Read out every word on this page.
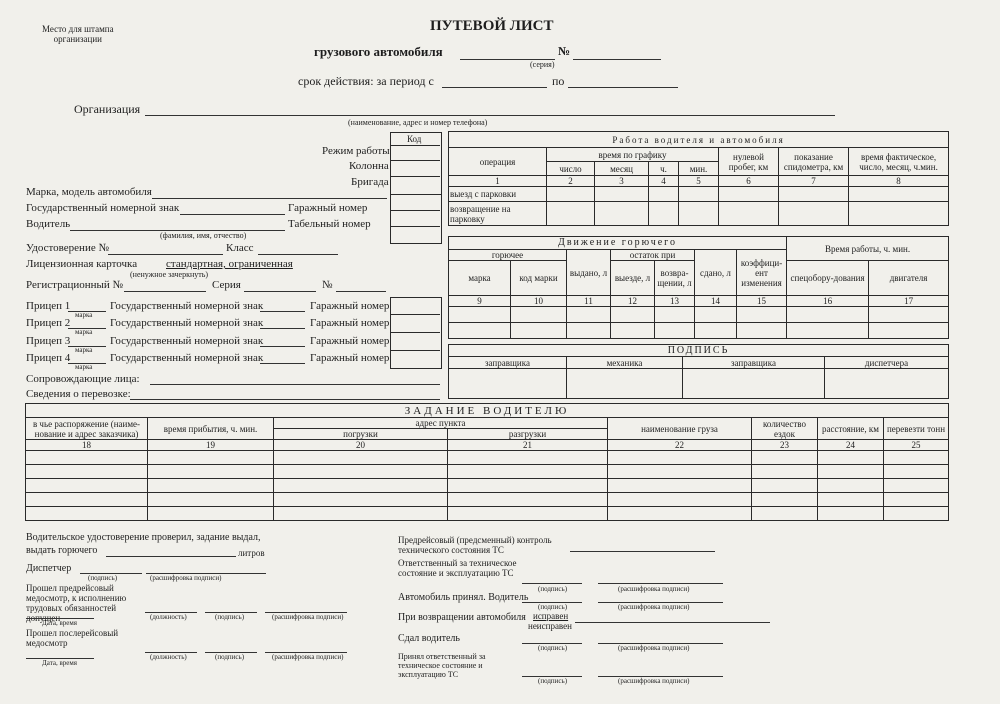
Место для штампа
организации
ПУТЕВОЙ ЛИСТ
грузового автомобиля	№
(серия)
срок действия: за период с	по
Организация
(наименование, адрес и номер телефона)
Код
Режим работы
Колонна
Бригада
Марка, модель автомобиля
Государственный номерной знак	Гаражный номер
Водитель	Табельный номер
(фамилия, имя, отчество)
Удостоверение №	Класс
Лицензионная карточка	стандартная, ограниченная
(ненужное зачеркнуть)
Регистрационный №	Серия	№
Прицеп 1
марка
Государственный номерной знак	Гаражный номер
Прицеп 2
марка
Государственный номерной знак	Гаражный номер
Прицеп 3
марка
Государственный номерной знак	Гаражный номер
Прицеп 4
марка
Государственный номерной знак	Гаражный номер
Сопровождающие лица:
Сведения о перевозке:
Работа водителя и автомобиля							
операция	время по графику				нулевой пробег, км	показание спидометра, км	время фактическое, число, месяц, ч.мин.
	число	месяц	ч.	мин.			
1	2	3	4	5	6	7	8
выезд с парковки							
возвращение на парковку							
Движение горючего							Время работы, ч. мин.	
горючее		выдано, л	остаток при		сдано, л	коэффици-ент изменения		
марка	код марки		выезде, л	возвра-щении, л			спецобору-дования	двигателя

9	10	11	12	13	14	15	16	17

ПОДПИСЬ			
заправщика	механика	заправщика	диспетчера

ЗАДАНИЕ ВОДИТЕЛЮ							
в чье распоряжение (наиме-нование и адрес заказчика)	время прибытия, ч. мин.	адрес пункта		наименование груза	количество ездок	расстояние, км	перевезти тонн
		погрузки	разгрузки				
18	19	20	21	22	23	24	25

Водительское удостоверение проверил, задание выдал,
выдать горючего	литров
Диспетчер
(подпись)	(расшифровка подписи)
Прошел предрейсовый медосмотр, к исполнению трудовых обязанностей допущен	(должность)	(подпись)	(расшифровка подписи)
Дата, время
Прошел послерейсовый медосмотр
(должность)	(подпись)	(расшифровка подписи)
Дата, время
Предрейсовый (предсменный) контроль технического состояния ТС
Ответственный за техническое состояние и эксплуатацию ТС
(подпись)	(расшифровка подписи)
Автомобиль принял. Водитель
(подпись)	(расшифровка подписи)
При возвращении автомобиля исправен
неисправен
Сдал водитель
(подпись)	(расшифровка подписи)
Принял ответственный за техническое состояние и эксплуатацию ТС
(подпись)	(расшифровка подписи)
